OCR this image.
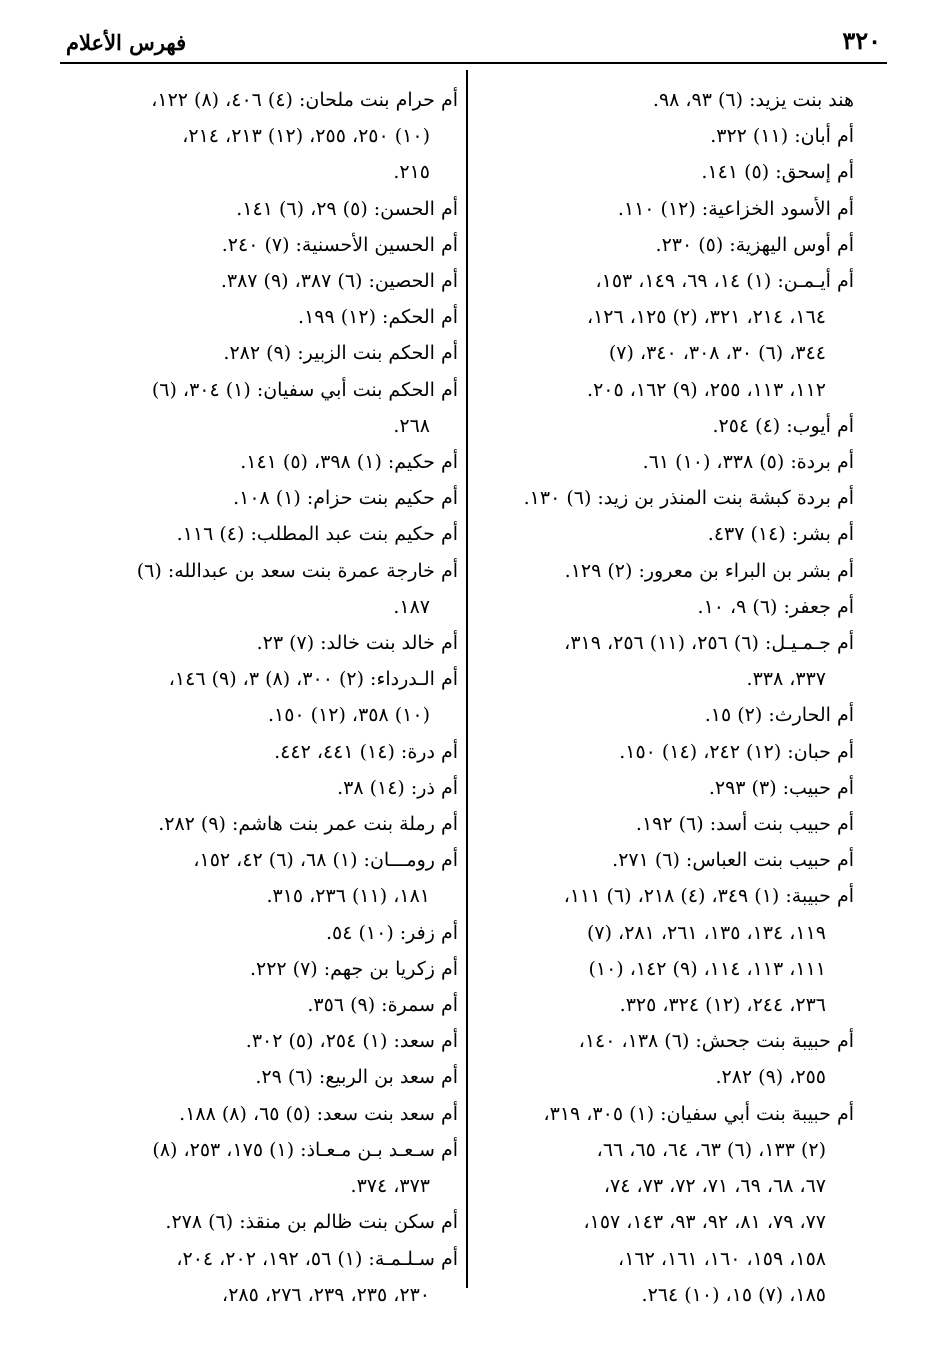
٣٢٠
فهرس الأعلام
هند بنت يزيد: (٦) ٩٣، ٩٨.
أم أبان: (١١) ٣٢٢.
أم إسحق: (٥) ١٤١.
أم الأسود الخزاعية: (١٢) ١١٠.
أم أوس اليهزية: (٥) ٢٣٠.
أم أيـمـن: (١) ١٤، ٦٩، ١٤٩، ١٥٣،
١٦٤، ٢١٤، ٣٢١، (٢) ١٢٥، ١٢٦،
٣٤٤، (٦) ٣٠، ٣٠٨، ٣٤٠، (٧)
١١٢، ١١٣، ٢٥٥، (٩) ١٦٢، ٢٠٥.
أم أيوب: (٤) ٢٥٤.
أم بردة: (٥) ٣٣٨، (١٠) ٦١.
أم بردة كبشة بنت المنذر بن زيد: (٦) ١٣٠.
أم بشر: (١٤) ٤٣٧.
أم بشر بن البراء بن معرور: (٢) ١٢٩.
أم جعفر: (٦) ٩، ١٠.
أم جـمـيـل: (٦) ٢٥٦، (١١) ٢٥٦، ٣١٩،
٣٣٧، ٣٣٨.
أم الحارث: (٢) ١٥.
أم حبان: (١٢) ٢٤٢، (١٤) ١٥٠.
أم حبيب: (٣) ٢٩٣.
أم حبيب بنت أسد: (٦) ١٩٢.
أم حبيب بنت العباس: (٦) ٢٧١.
أم حبيبة: (١) ٣٤٩، (٤) ٢١٨، (٦) ١١١،
١١٩، ١٣٤، ١٣٥، ٢٦١، ٢٨١، (٧)
١١١، ١١٣، ١١٤، (٩) ١٤٢، (١٠)
٢٣٦، ٢٤٤، (١٢) ٣٢٤، ٣٢٥.
أم حبيبة بنت جحش: (٦) ١٣٨، ١٤٠،
٢٥٥، (٩) ٢٨٢.
أم حبيبة بنت أبي سفيان: (١) ٣٠٥، ٣١٩،
(٢) ١٣٣، (٦) ٦٣، ٦٤، ٦٥، ٦٦،
٦٧، ٦٨، ٦٩، ٧١، ٧٢، ٧٣، ٧٤،
٧٧، ٧٩، ٨١، ٩٢، ٩٣، ١٤٣، ١٥٧،
١٥٨، ١٥٩، ١٦٠، ١٦١، ١٦٢،
١٨٥، (٧) ١٥، (١٠) ٢٦٤.
أم حرام بنت ملحان: (٤) ٤٠٦، (٨) ١٢٢،
(١٠) ٢٥٠، ٢٥٥، (١٢) ٢١٣، ٢١٤،
٢١٥.
أم الحسن: (٥) ٢٩، (٦) ١٤١.
أم الحسين الأحسنية: (٧) ٢٤٠.
أم الحصين: (٦) ٣٨٧، (٩) ٣٨٧.
أم الحكم: (١٢) ١٩٩.
أم الحكم بنت الزبير: (٩) ٢٨٢.
أم الحكم بنت أبي سفيان: (١) ٣٠٤، (٦)
٢٦٨.
أم حكيم: (١) ٣٩٨، (٥) ١٤١.
أم حكيم بنت حزام: (١) ١٠٨.
أم حكيم بنت عبد المطلب: (٤) ١١٦.
أم خارجة عمرة بنت سعد بن عبدالله: (٦)
١٨٧.
أم خالد بنت خالد: (٧) ٢٣.
أم الـدرداء: (٢) ٣٠٠، (٨) ٣، (٩) ١٤٦،
(١٠) ٣٥٨، (١٢) ١٥٠.
أم درة: (١٤) ٤٤١، ٤٤٢.
أم ذر: (١٤) ٣٨.
أم رملة بنت عمر بنت هاشم: (٩) ٢٨٢.
أم رومـــان: (١) ٦٨، (٦) ٤٢، ١٥٢،
١٨١، (١١) ٢٣٦، ٣١٥.
أم زفر: (١٠) ٥٤.
أم زكريا بن جهم: (٧) ٢٢٢.
أم سمرة: (٩) ٣٥٦.
أم سعد: (١) ٢٥٤، (٥) ٣٠٢.
أم سعد بن الربيع: (٦) ٢٩.
أم سعد بنت سعد: (٥) ٦٥، (٨) ١٨٨.
أم سـعـد بـن مـعـاذ: (١) ١٧٥، ٢٥٣، (٨)
٣٧٣، ٣٧٤.
أم سكن بنت ظالم بن منقذ: (٦) ٢٧٨.
أم سـلـمـة: (١) ٥٦، ١٩٢، ٢٠٢، ٢٠٤،
٢٣٠، ٢٣٥، ٢٣٩، ٢٧٦، ٢٨٥،
